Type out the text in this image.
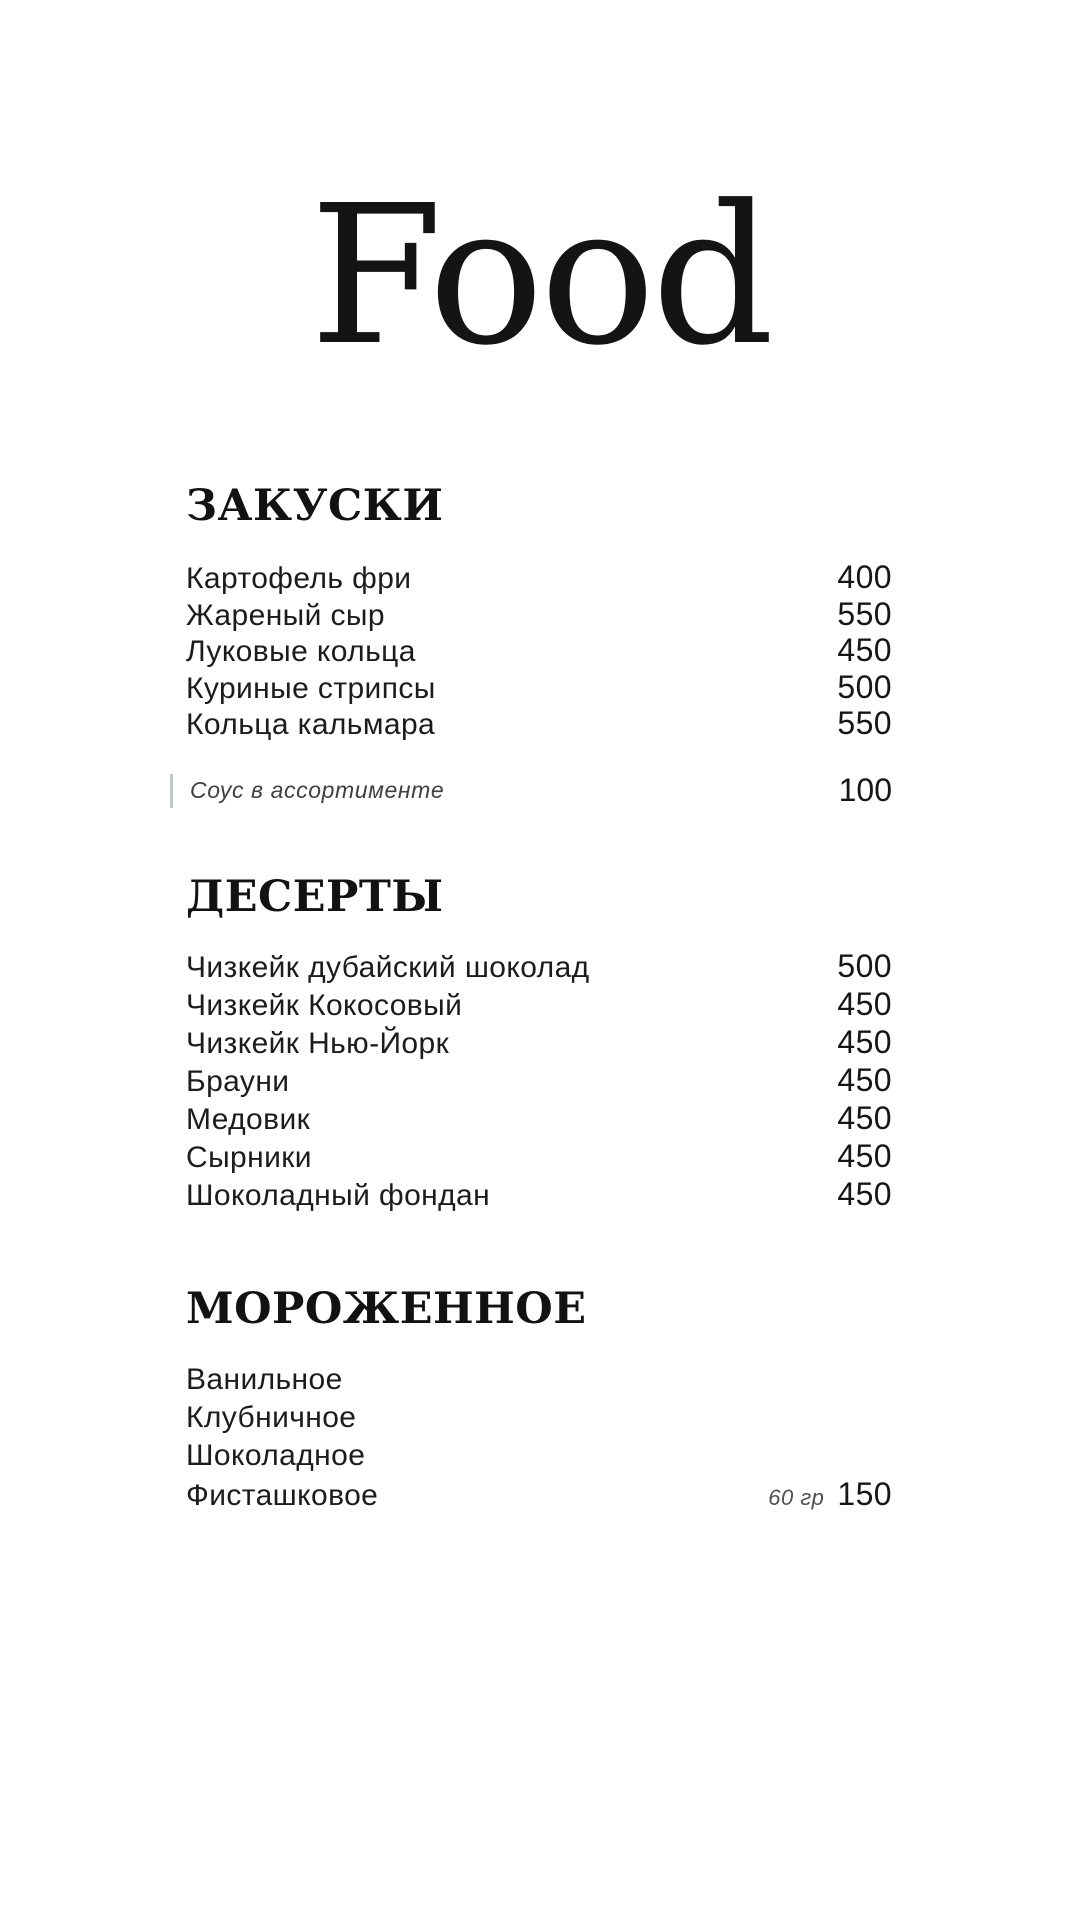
Food
ЗАКУСКИ
Картофель фри	400
Жареный сыр	550
Луковые кольца	450
Куриные стрипсы	500
Кольца кальмара	550
Соус в ассортименте	100
ДЕСЕРТЫ
Чизкейк дубайский шоколад	500
Чизкейк Кокосовый	450
Чизкейк Нью-Йорк	450
Брауни	450
Медовик	450
Сырники	450
Шоколадный фондан	450
МОРОЖЕННОЕ
Ванильное
Клубничное
Шоколадное
Фисташковое	60 гр 150
